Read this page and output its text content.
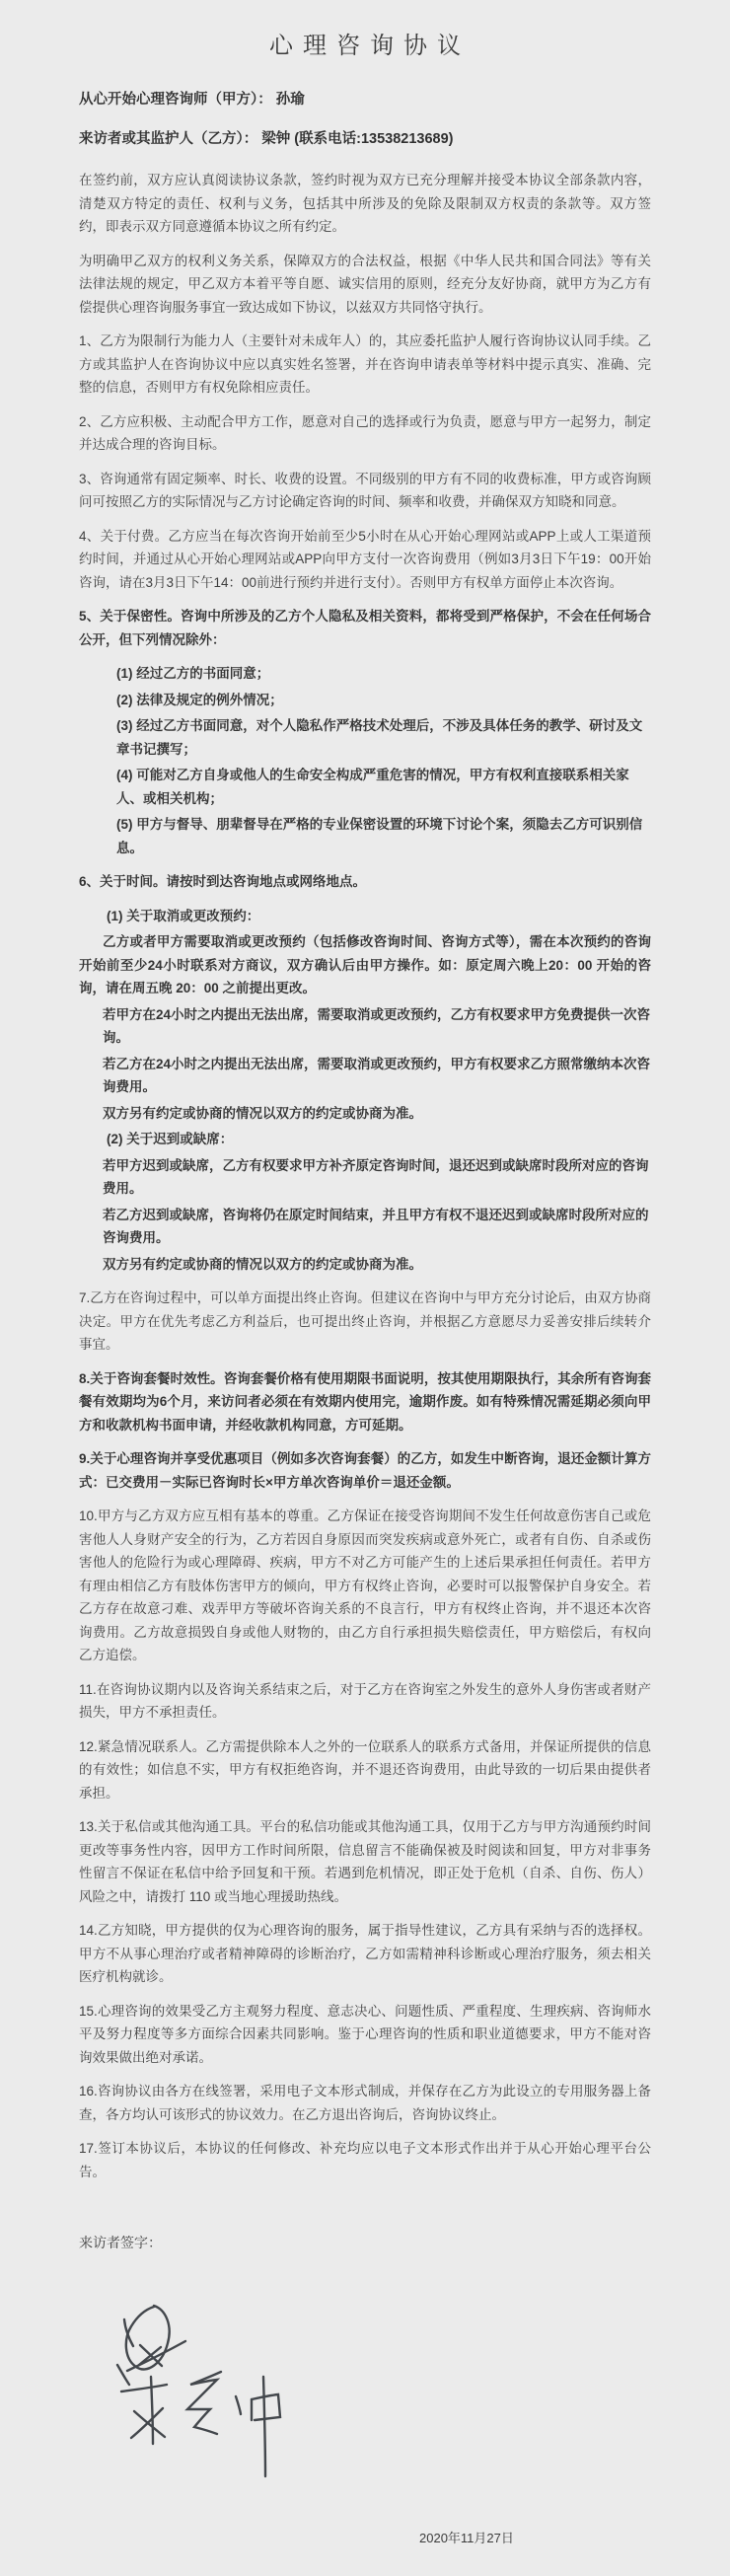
心理咨询协议

从心开始心理咨询师（甲方）： 孙瑜

来访者或其监护人（乙方）： 梁钟 (联系电话:13538213689)

在签约前，双方应认真阅读协议条款，签约时视为双方已充分理解并接受本协议全部条款内容，清楚双方特定的责任、权利与义务，包括其中所涉及的免除及限制双方权责的条款等。双方签约，即表示双方同意遵循本协议之所有约定。

为明确甲乙双方的权利义务关系，保障双方的合法权益，根据《中华人民共和国合同法》等有关法律法规的规定，甲乙双方本着平等自愿、诚实信用的原则，经充分友好协商，就甲方为乙方有偿提供心理咨询服务事宜一致达成如下协议，以兹双方共同恪守执行。

1、乙方为限制行为能力人（主要针对未成年人）的，其应委托监护人履行咨询协议认同手续。乙方或其监护人在咨询协议中应以真实姓名签署，并在咨询申请表单等材料中提示真实、准确、完整的信息，否则甲方有权免除相应责任。

2、乙方应积极、主动配合甲方工作，愿意对自己的选择或行为负责，愿意与甲方一起努力，制定并达成合理的咨询目标。

3、咨询通常有固定频率、时长、收费的设置。不同级别的甲方有不同的收费标准，甲方或咨询顾问可按照乙方的实际情况与乙方讨论确定咨询的时间、频率和收费，并确保双方知晓和同意。

4、关于付费。乙方应当在每次咨询开始前至少5小时在从心开始心理网站或APP上或人工渠道预约时间，并通过从心开始心理网站或APP向甲方支付一次咨询费用（例如3月3日下午19：00开始咨询，请在3月3日下午14：00前进行预约并进行支付）。否则甲方有权单方面停止本次咨询。

5、关于保密性。咨询中所涉及的乙方个人隐私及相关资料，都将受到严格保护，不会在任何场合公开，但下列情况除外：

(1) 经过乙方的书面同意；

(2) 法律及规定的例外情况；

(3) 经过乙方书面同意，对个人隐私作严格技术处理后，不涉及具体任务的教学、研讨及文章书记撰写；

(4) 可能对乙方自身或他人的生命安全构成严重危害的情况，甲方有权利直接联系相关家人、或相关机构；

(5) 甲方与督导、朋辈督导在严格的专业保密设置的环境下讨论个案，须隐去乙方可识别信息。

6、关于时间。请按时到达咨询地点或网络地点。

(1) 关于取消或更改预约：

乙方或者甲方需要取消或更改预约（包括修改咨询时间、咨询方式等），需在本次预约的咨询开始前至少24小时联系对方商议，双方确认后由甲方操作。如：原定周六晚上20：00 开始的咨询，请在周五晚 20：00 之前提出更改。

若甲方在24小时之内提出无法出席，需要取消或更改预约，乙方有权要求甲方免费提供一次咨询。

若乙方在24小时之内提出无法出席，需要取消或更改预约，甲方有权要求乙方照常缴纳本次咨询费用。

双方另有约定或协商的情况以双方的约定或协商为准。

(2) 关于迟到或缺席：

若甲方迟到或缺席，乙方有权要求甲方补齐原定咨询时间，退还迟到或缺席时段所对应的咨询费用。

若乙方迟到或缺席，咨询将仍在原定时间结束，并且甲方有权不退还迟到或缺席时段所对应的咨询费用。

双方另有约定或协商的情况以双方的约定或协商为准。

7.乙方在咨询过程中，可以单方面提出终止咨询。但建议在咨询中与甲方充分讨论后，由双方协商决定。甲方在优先考虑乙方利益后，也可提出终止咨询，并根据乙方意愿尽力妥善安排后续转介事宜。

8.关于咨询套餐时效性。咨询套餐价格有使用期限书面说明，按其使用期限执行，其余所有咨询套餐有效期均为6个月，来访问者必须在有效期内使用完，逾期作废。如有特殊情况需延期必须向甲方和收款机构书面申请，并经收款机构同意，方可延期。

9.关于心理咨询并享受优惠项目（例如多次咨询套餐）的乙方，如发生中断咨询，退还金额计算方式：已交费用－实际已咨询时长×甲方单次咨询单价＝退还金额。

10.甲方与乙方双方应互相有基本的尊重。乙方保证在接受咨询期间不发生任何故意伤害自己或危害他人人身财产安全的行为，乙方若因自身原因而突发疾病或意外死亡，或者有自伤、自杀或伤害他人的危险行为或心理障碍、疾病，甲方不对乙方可能产生的上述后果承担任何责任。若甲方有理由相信乙方有肢体伤害甲方的倾向，甲方有权终止咨询，必要时可以报警保护自身安全。若乙方存在故意刁难、戏弄甲方等破坏咨询关系的不良言行，甲方有权终止咨询，并不退还本次咨询费用。乙方故意损毁自身或他人财物的，由乙方自行承担损失赔偿责任，甲方赔偿后，有权向乙方追偿。

11.在咨询协议期内以及咨询关系结束之后，对于乙方在咨询室之外发生的意外人身伤害或者财产损失，甲方不承担责任。

12.紧急情况联系人。乙方需提供除本人之外的一位联系人的联系方式备用，并保证所提供的信息的有效性；如信息不实，甲方有权拒绝咨询，并不退还咨询费用，由此导致的一切后果由提供者承担。

13.关于私信或其他沟通工具。平台的私信功能或其他沟通工具，仅用于乙方与甲方沟通预约时间更改等事务性内容，因甲方工作时间所限，信息留言不能确保被及时阅读和回复，甲方对非事务性留言不保证在私信中给予回复和干预。若遇到危机情况，即正处于危机（自杀、自伤、伤人）风险之中，请拨打 110 或当地心理援助热线。

14.乙方知晓，甲方提供的仅为心理咨询的服务，属于指导性建议，乙方具有采纳与否的选择权。甲方不从事心理治疗或者精神障碍的诊断治疗，乙方如需精神科诊断或心理治疗服务，须去相关医疗机构就诊。

15.心理咨询的效果受乙方主观努力程度、意志决心、问题性质、严重程度、生理疾病、咨询师水平及努力程度等多方面综合因素共同影响。鉴于心理咨询的性质和职业道德要求，甲方不能对咨询效果做出绝对承诺。

16.咨询协议由各方在线签署，采用电子文本形式制成，并保存在乙方为此设立的专用服务器上备查，各方均认可该形式的协议效力。在乙方退出咨询后，咨询协议终止。

17.签订本协议后，本协议的任何修改、补充均应以电子文本形式作出并于从心开始心理平台公告。

来访者签字：

2020年11月27日
